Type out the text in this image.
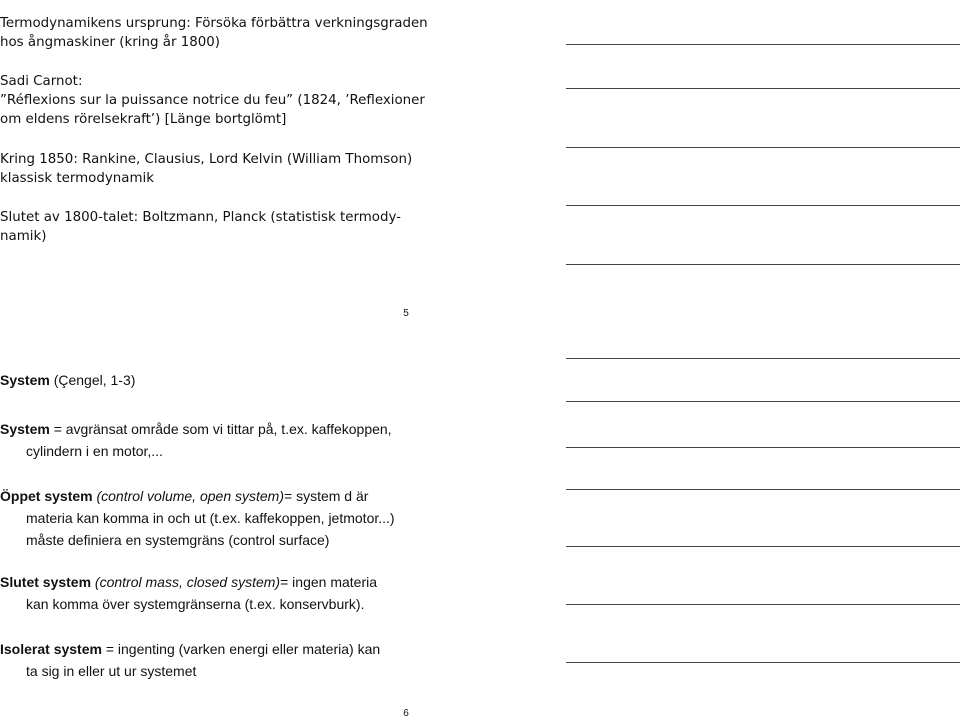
Termodynamikens ursprung: Försöka förbättra verkningsgraden
hos ångmaskiner (kring år 1800)

Sadi Carnot:
”Réflexions sur la puissance notrice du feu” (1824, ’Reflexioner
om eldens rörelsekraft’) [Länge bortglömt]

Kring 1850: Rankine, Clausius, Lord Kelvin (William Thomson)
klassisk termodynamik

Slutet av 1800-talet: Boltzmann, Planck (statistisk termody-
namik)

5

System (Çengel, 1-3)

System = avgränsat område som vi tittar på, t.ex. kaffekoppen,
cylindern i en motor,...

Öppet system (control volume, open system)= system d är
materia kan komma in och ut (t.ex. kaffekoppen, jetmotor...)
måste definiera en systemgräns (control surface)

Slutet system (control mass, closed system)= ingen materia
kan komma över systemgränserna (t.ex. konservburk).

Isolerat system = ingenting (varken energi eller materia) kan
ta sig in eller ut ur systemet

6
